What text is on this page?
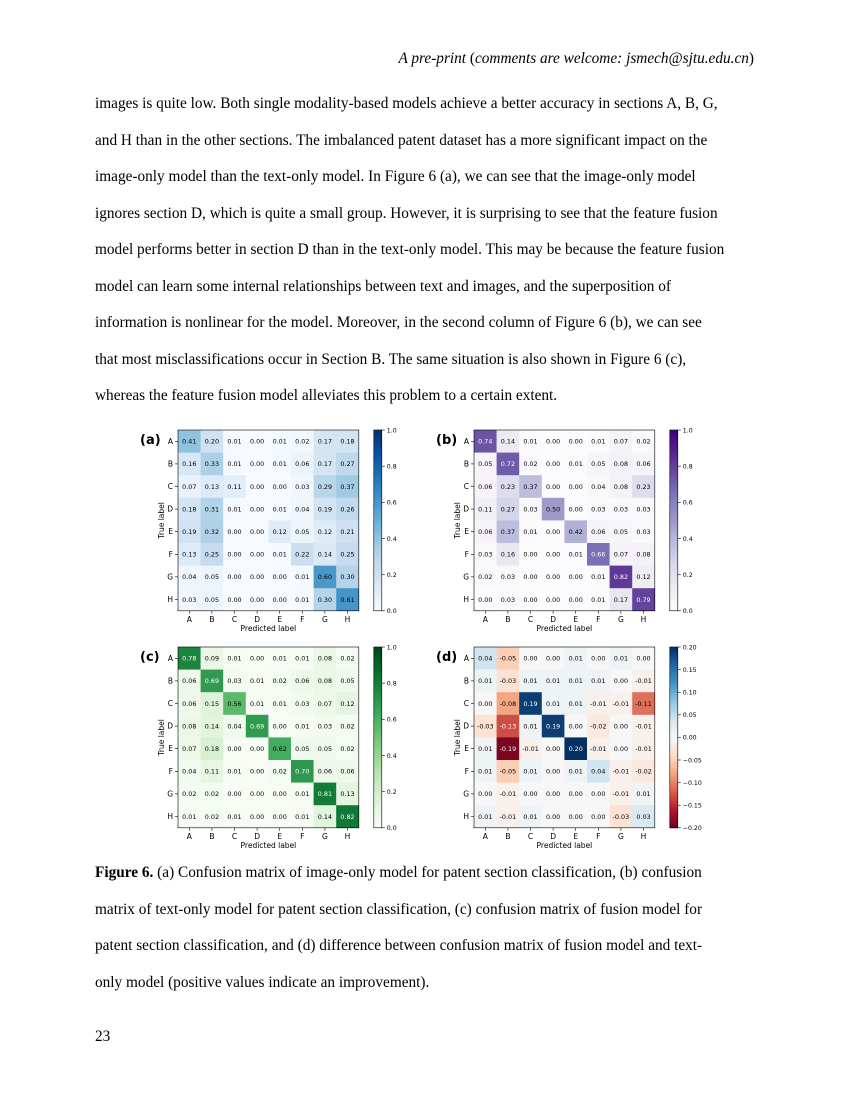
A pre-print (comments are welcome: jsmech@sjtu.edu.cn)
images is quite low. Both single modality-based models achieve a better accuracy in sections A, B, G,
and H than in the other sections. The imbalanced patent dataset has a more significant impact on the
image-only model than the text-only model. In Figure 6 (a), we can see that the image-only model
ignores section D, which is quite a small group. However, it is surprising to see that the feature fusion
model performs better in section D than in the text-only model. This may be because the feature fusion
model can learn some internal relationships between text and images, and the superposition of
information is nonlinear for the model. Moreover, in the second column of Figure 6 (b), we can see
that most misclassifications occur in Section B. The same situation is also shown in Figure 6 (c),
whereas the feature fusion model alleviates this problem to a certain extent.
(a)	0.41 0.20 0.01 0.00 0.01 0.02 0.17 0.18
0.16 0.33 0.01 0.00 0.01 0.06 0.17 0.27
0.07 0.13 0.11 0.00 0.00 0.03 0.29 0.37
0.18 0.31 0.01 0.00 0.01 0.04 0.19 0.26
0.19 0.32 0.00 0.00 0.12 0.05 0.12 0.21
0.13 0.25 0.00 0.00 0.01 0.22 0.14 0.25
0.04 0.05 0.00 0.00 0.00 0.01 0.60 0.30
0.03 0.05 0.00 0.00 0.00 0.01 0.30 0.61
A
B
C
D
E
F
G
H
A B C D E F G H
Predicted label
True label
0.0
0.2
0.4
0.6
0.8
1.0
(b)	0.74 0.14 0.01 0.00 0.00 0.01 0.07 0.02
0.05 0.72 0.02 0.00 0.01 0.05 0.08 0.06
0.06 0.23 0.37 0.00 0.00 0.04 0.08 0.23
0.11 0.27 0.03 0.50 0.00 0.03 0.03 0.03
0.06 0.37 0.01 0.00 0.42 0.06 0.05 0.03
0.03 0.16 0.00 0.00 0.01 0.66 0.07 0.08
0.02 0.03 0.00 0.00 0.00 0.01 0.82 0.12
0.00 0.03 0.00 0.00 0.00 0.01 0.17 0.79
A
B
C
D
E
F
G
H
A B C D E F G H
Predicted label
True label
0.0
0.2
0.4
0.6
0.8
1.0
(c)	0.78 0.09 0.01 0.00 0.01 0.01 0.08 0.02
0.06 0.69 0.03 0.01 0.02 0.06 0.08 0.05
0.06 0.15 0.56 0.01 0.01 0.03 0.07 0.12
0.08 0.14 0.04 0.69 0.00 0.01 0.03 0.02
0.07 0.18 0.00 0.00 0.62 0.05 0.05 0.02
0.04 0.11 0.01 0.00 0.02 0.70 0.06 0.06
0.02 0.02 0.00 0.00 0.00 0.01 0.81 0.13
0.01 0.02 0.01 0.00 0.00 0.01 0.14 0.82
A
B
C
D
E
F
G
H
A B C D E F G H
Predicted label
True label
0.0
0.2
0.4
0.6
0.8
1.0
(d)	0.04 -0.05 0.00 0.00 0.01 0.00 0.01 0.00
0.01 -0.03 0.01 0.01 0.01 0.01 0.00 -0.01
0.00 -0.08 0.19 0.01 0.01 -0.01 -0.01 -0.11
-0.03 -0.13 0.01 0.19 0.00 -0.02 0.00 -0.01
0.01 -0.19 -0.01 0.00 0.20 -0.01 0.00 -0.01
0.01 -0.05 0.01 0.00 0.01 0.04 -0.01 -0.02
0.00 -0.01 0.00 0.00 0.00 0.00 -0.01 0.01
0.01 -0.01 0.01 0.00 0.00 0.00 -0.03 0.03
A
B
C
D
E
F
G
H
A B C D E F G H
Predicted label
True label
−0.20
−0.15
−0.10
−0.05
0.00
0.05
0.10
0.15
0.20
Figure 6. (a) Confusion matrix of image-only model for patent section classification, (b) confusion
matrix of text-only model for patent section classification, (c) confusion matrix of fusion model for
patent section classification, and (d) difference between confusion matrix of fusion model and text-
only model (positive values indicate an improvement).
23
